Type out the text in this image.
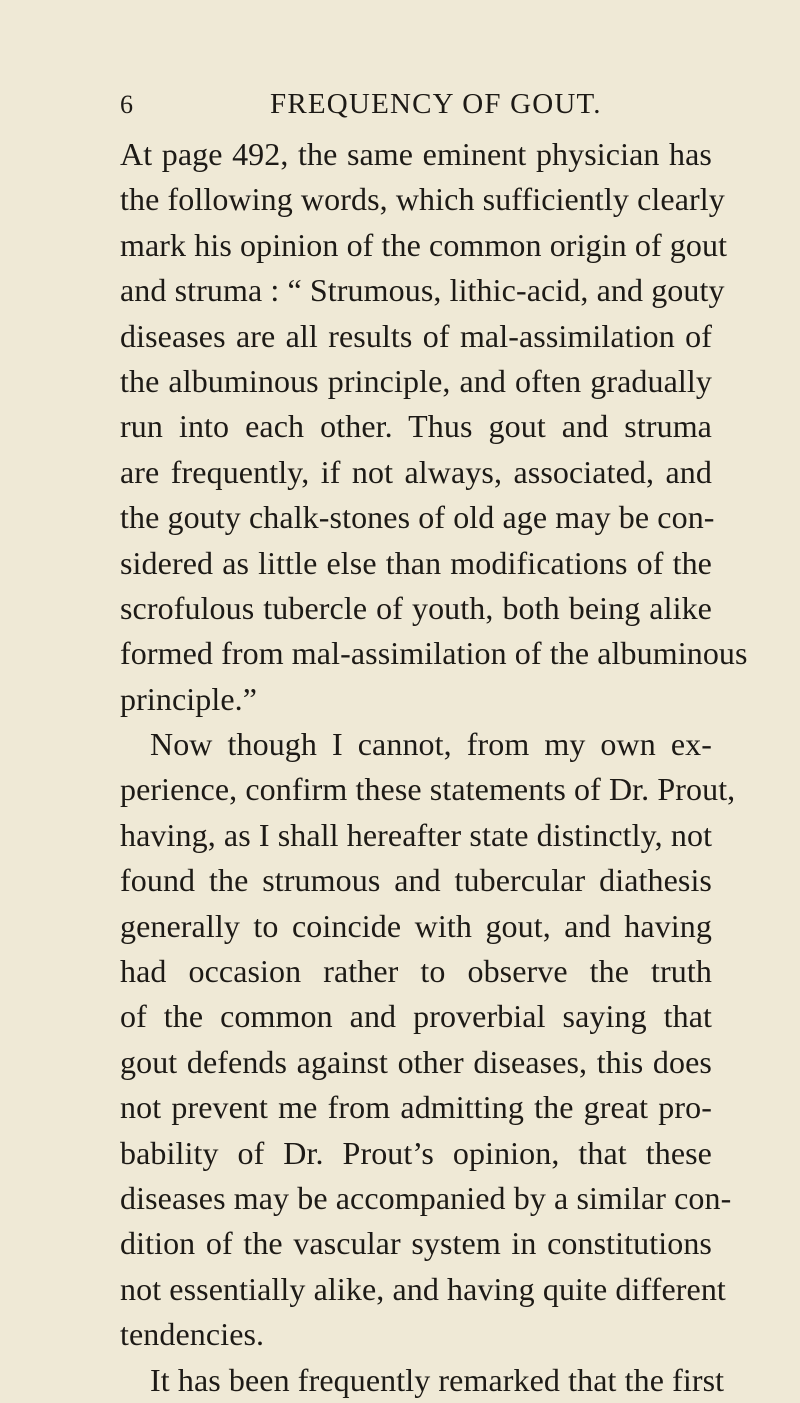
6	FREQUENCY OF GOUT.
At page 492, the same eminent physician has
the following words, which sufficiently clearly
mark his opinion of the common origin of gout
and struma : “ Strumous, lithic-acid, and gouty
diseases are all results of mal-assimilation of
the albuminous principle, and often gradually
run into each other. Thus gout and struma
are frequently, if not always, associated, and
the gouty chalk-stones of old age may be con-
sidered as little else than modifications of the
scrofulous tubercle of youth, both being alike
formed from mal-assimilation of the albuminous
principle.”
Now though I cannot, from my own ex-
perience, confirm these statements of Dr. Prout,
having, as I shall hereafter state distinctly, not
found the strumous and tubercular diathesis
generally to coincide with gout, and having
had occasion rather to observe the truth
of the common and proverbial saying that
gout defends against other diseases, this does
not prevent me from admitting the great pro-
bability of Dr. Prout’s opinion, that these
diseases may be accompanied by a similar con-
dition of the vascular system in constitutions
not essentially alike, and having quite different
tendencies.
It has been frequently remarked that the first
